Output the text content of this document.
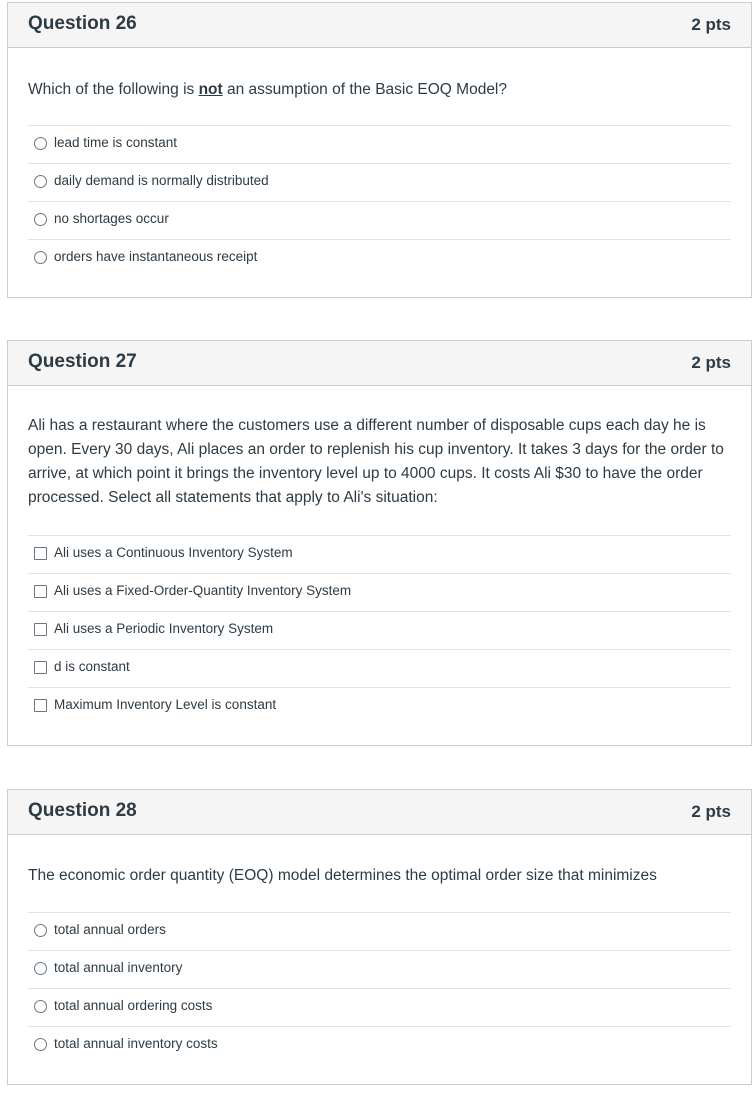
Question 26	2 pts
Which of the following is not an assumption of the Basic EOQ Model?
lead time is constant
daily demand is normally distributed
no shortages occur
orders have instantaneous receipt
Question 27	2 pts
Ali has a restaurant where the customers use a different number of disposable cups each day he is open. Every 30 days, Ali places an order to replenish his cup inventory. It takes 3 days for the order to arrive, at which point it brings the inventory level up to 4000 cups. It costs Ali $30 to have the order processed. Select all statements that apply to Ali's situation:
Ali uses a Continuous Inventory System
Ali uses a Fixed-Order-Quantity Inventory System
Ali uses a Periodic Inventory System
d is constant
Maximum Inventory Level is constant
Question 28	2 pts
The economic order quantity (EOQ) model determines the optimal order size that minimizes
total annual orders
total annual inventory
total annual ordering costs
total annual inventory costs
